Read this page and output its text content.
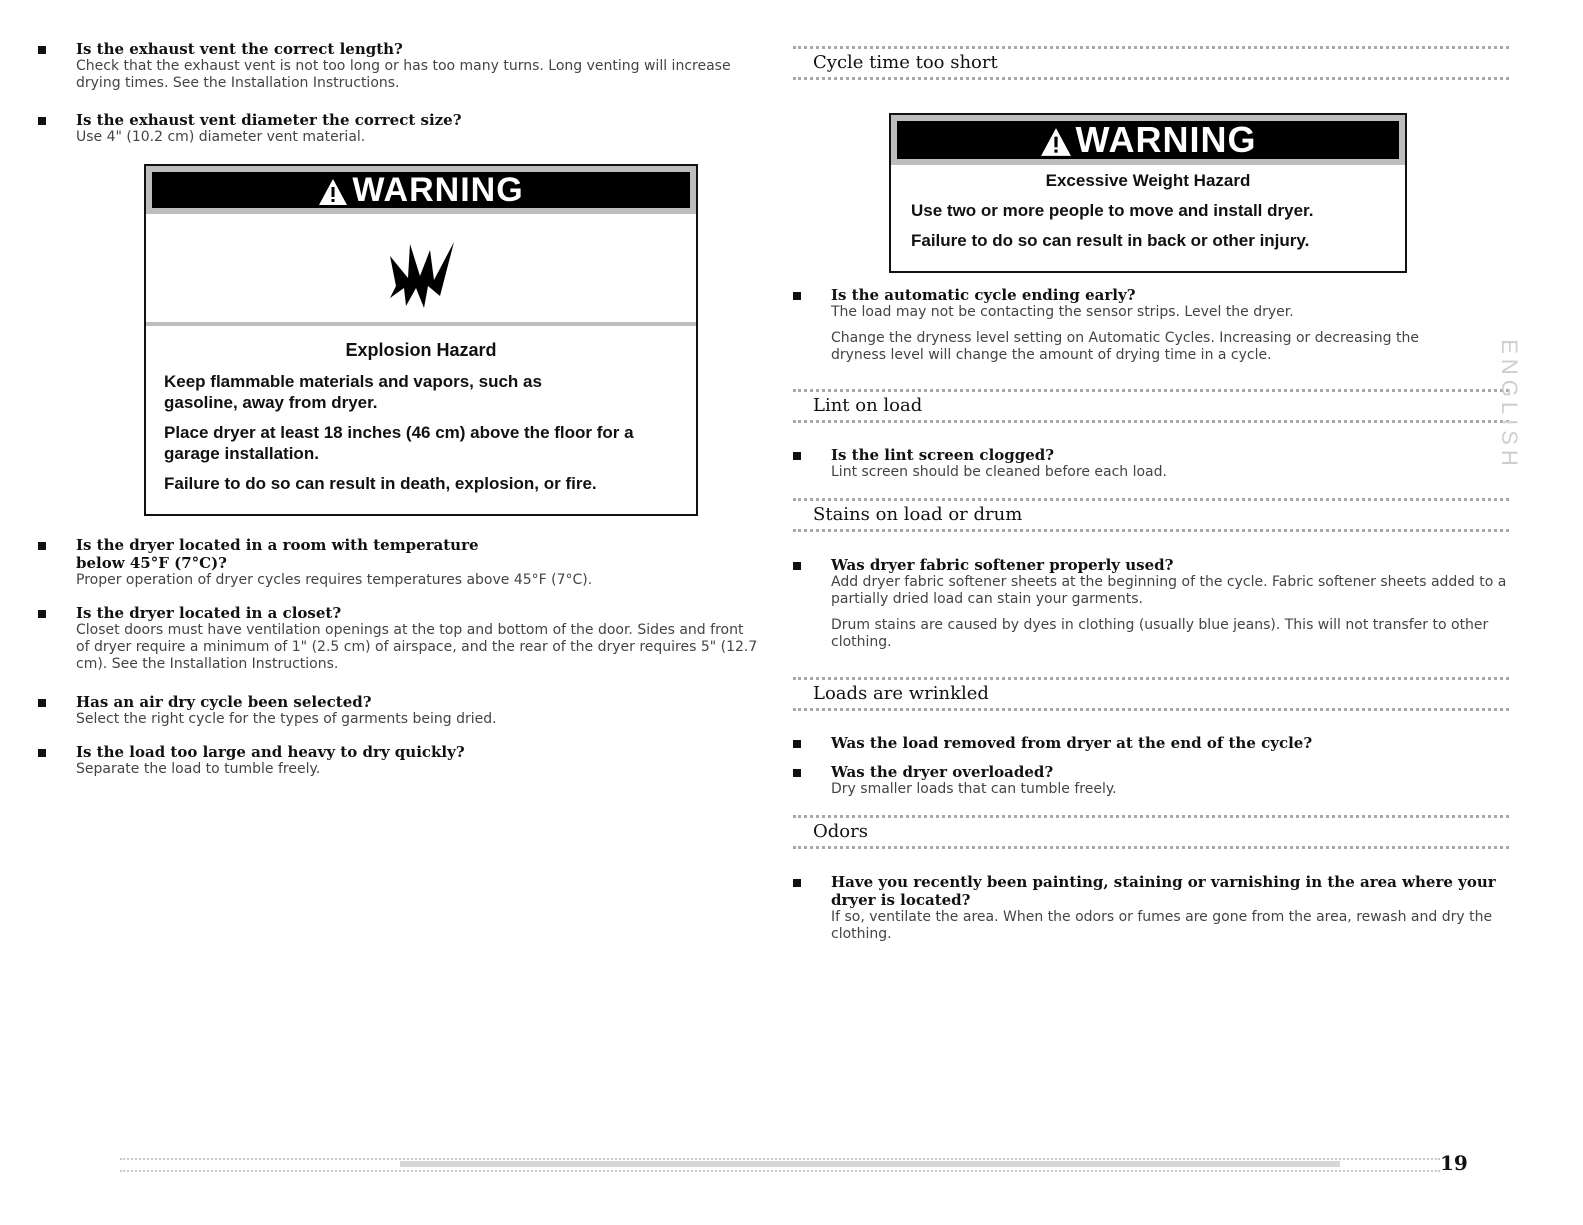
Is the exhaust vent the correct length?
Check that the exhaust vent is not too long or has too many turns. Long venting will increase drying times. See the Installation Instructions.
Is the exhaust vent diameter the correct size?
Use 4" (10.2 cm) diameter vent material.
WARNING
Explosion Hazard
Keep flammable materials and vapors, such as gasoline, away from dryer.
Place dryer at least 18 inches (46 cm) above the floor for a garage installation.
Failure to do so can result in death, explosion, or fire.
Is the dryer located in a room with temperature below 45°F (7°C)?
Proper operation of dryer cycles requires temperatures above 45°F (7°C).
Is the dryer located in a closet?
Closet doors must have ventilation openings at the top and bottom of the door. Sides and front of dryer require a minimum of 1" (2.5 cm) of airspace, and the rear of the dryer requires 5" (12.7 cm). See the Installation Instructions.
Has an air dry cycle been selected?
Select the right cycle for the types of garments being dried.
Is the load too large and heavy to dry quickly?
Separate the load to tumble freely.
Cycle time too short
WARNING
Excessive Weight Hazard
Use two or more people to move and install dryer.
Failure to do so can result in back or other injury.
Is the automatic cycle ending early?
The load may not be contacting the sensor strips. Level the dryer.
Change the dryness level setting on Automatic Cycles. Increasing or decreasing the dryness level will change the amount of drying time in a cycle.
Lint on load
Is the lint screen clogged?
Lint screen should be cleaned before each load.
Stains on load or drum
Was dryer fabric softener properly used?
Add dryer fabric softener sheets at the beginning of the cycle. Fabric softener sheets added to a partially dried load can stain your garments.
Drum stains are caused by dyes in clothing (usually blue jeans). This will not transfer to other clothing.
Loads are wrinkled
Was the load removed from dryer at the end of the cycle?
Was the dryer overloaded?
Dry smaller loads that can tumble freely.
Odors
Have you recently been painting, staining or varnishing in the area where your dryer is located?
If so, ventilate the area. When the odors or fumes are gone from the area, rewash and dry the clothing.
ENGLISH
19
